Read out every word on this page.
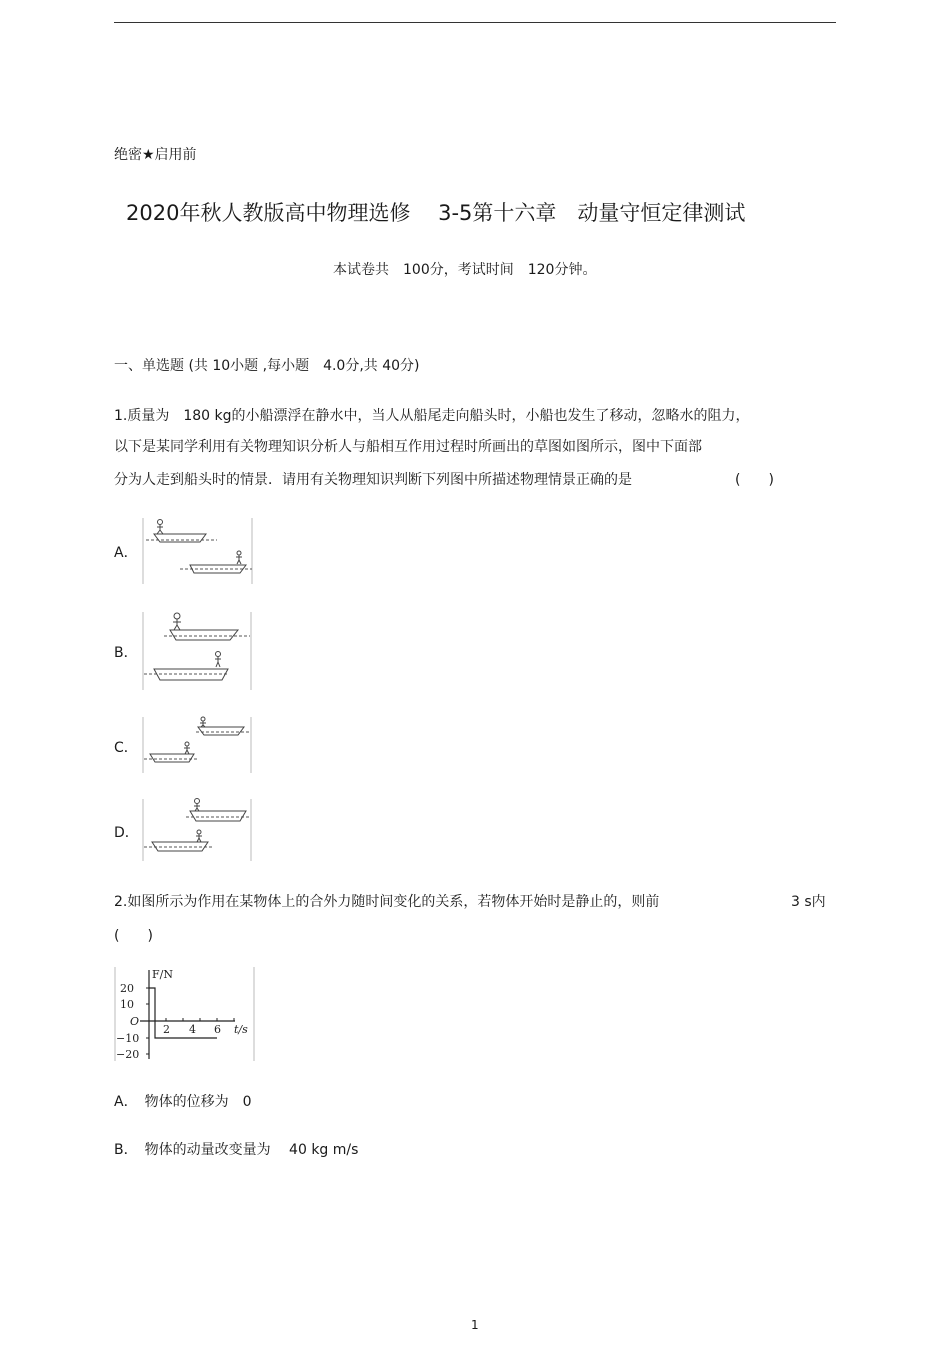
绝密★启用前
2020年秋人教版高中物理选修　 3-5第十六章　动量守恒定律测试
本试卷共　100分，考试时间　120分钟。
一、单选题 (共 10小题 ,每小题　4.0分,共 40分)
1.质量为　180 kg的小船漂浮在静水中，当人从船尾走向船头时，小船也发生了移动，忽略水的阻力，
以下是某同学利用有关物理知识分析人与船相互作用过程时所画出的草图如图所示，图中下面部
分为人走到船头时的情景．请用有关物理知识判断下列图中所描述物理情景正确的是	(　　)
A．
B．
C．
D．
2.如图所示为作用在某物体上的合外力随时间变化的关系，若物体开始时是静止的，则前	3 s内
(　　)
F/N
20
10
O
−10
−20
2 4 6 t/s
A．　物体的位移为　0
B．　物体的动量改变量为　 40 kg m/s
1
